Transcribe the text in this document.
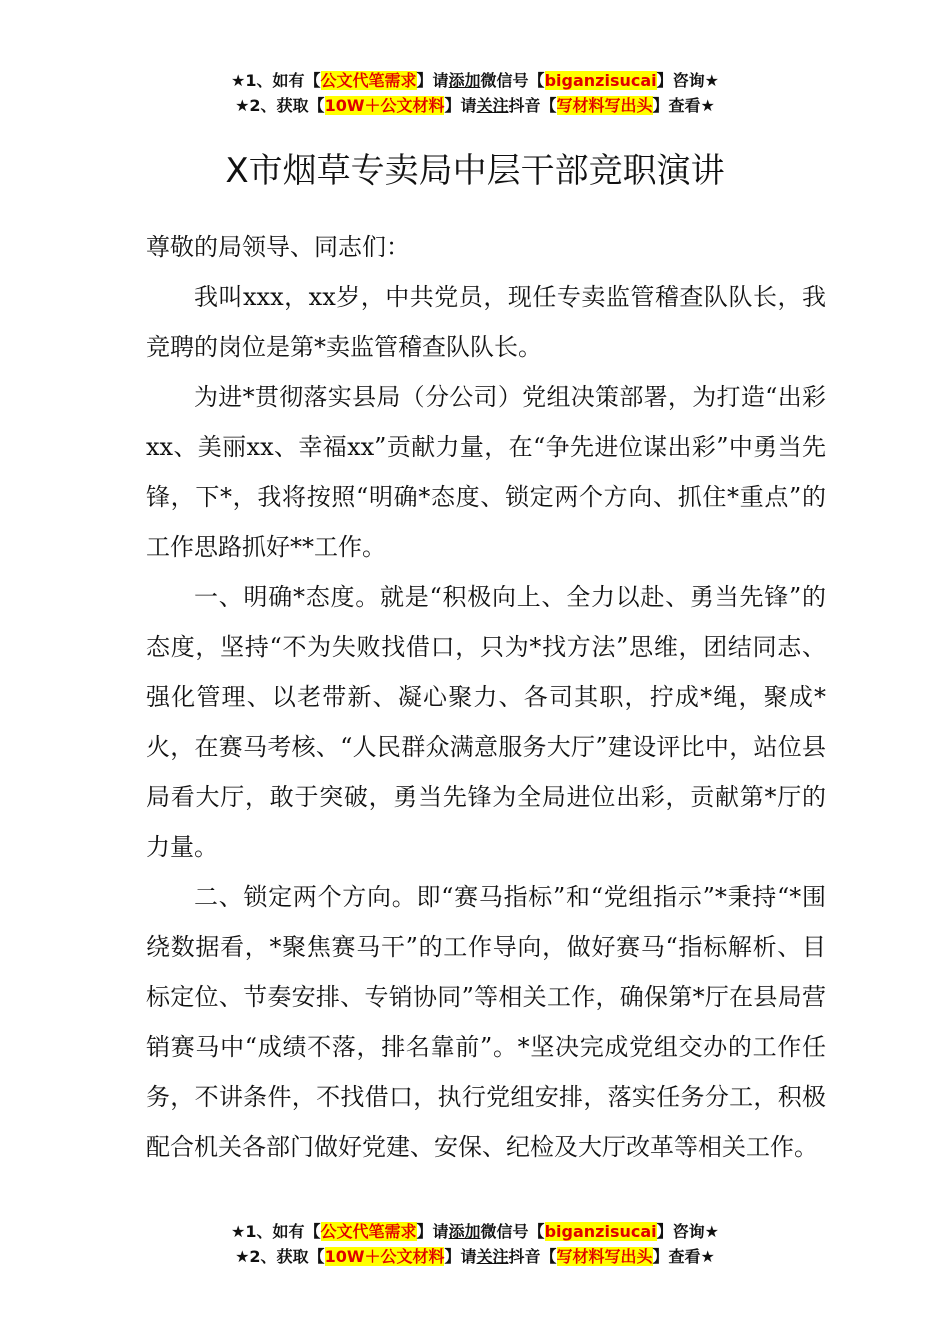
★1、如有【公文代笔需求】请添加微信号【biganzisucai】咨询★
★2、获取【10W＋公文材料】请关注抖音【写材料写出头】查看★
X市烟草专卖局中层干部竞职演讲

尊敬的局领导、同志们：

我叫xxx，xx岁，中共党员，现任专卖监管稽查队队长，我竞聘的岗位是第*卖监管稽查队队长。

为进*贯彻落实县局（分公司）党组决策部署，为打造“出彩xx、美丽xx、幸福xx”贡献力量，在“争先进位谋出彩”中勇当先锋，下*，我将按照“明确*态度、锁定两个方向、抓住*重点”的工作思路抓好**工作。

一、明确*态度。就是“积极向上、全力以赴、勇当先锋”的态度，坚持“不为失败找借口，只为*找方法”思维，团结同志、强化管理、以老带新、凝心聚力、各司其职，拧成*绳，聚成*火，在赛马考核、“人民群众满意服务大厅”建设评比中，站位县局看大厅，敢于突破，勇当先锋为全局进位出彩，贡献第*厅的力量。

二、锁定两个方向。即“赛马指标”和“党组指示”*秉持“*围绕数据看，*聚焦赛马干”的工作导向，做好赛马“指标解析、目标定位、节奏安排、专销协同”等相关工作，确保第*厅在县局营销赛马中“成绩不落，排名靠前”。*坚决完成党组交办的工作任务，不讲条件，不找借口，执行党组安排，落实任务分工，积极配合机关各部门做好党建、安保、纪检及大厅改革等相关工作。

★1、如有【公文代笔需求】请添加微信号【biganzisucai】咨询★
★2、获取【10W＋公文材料】请关注抖音【写材料写出头】查看★
